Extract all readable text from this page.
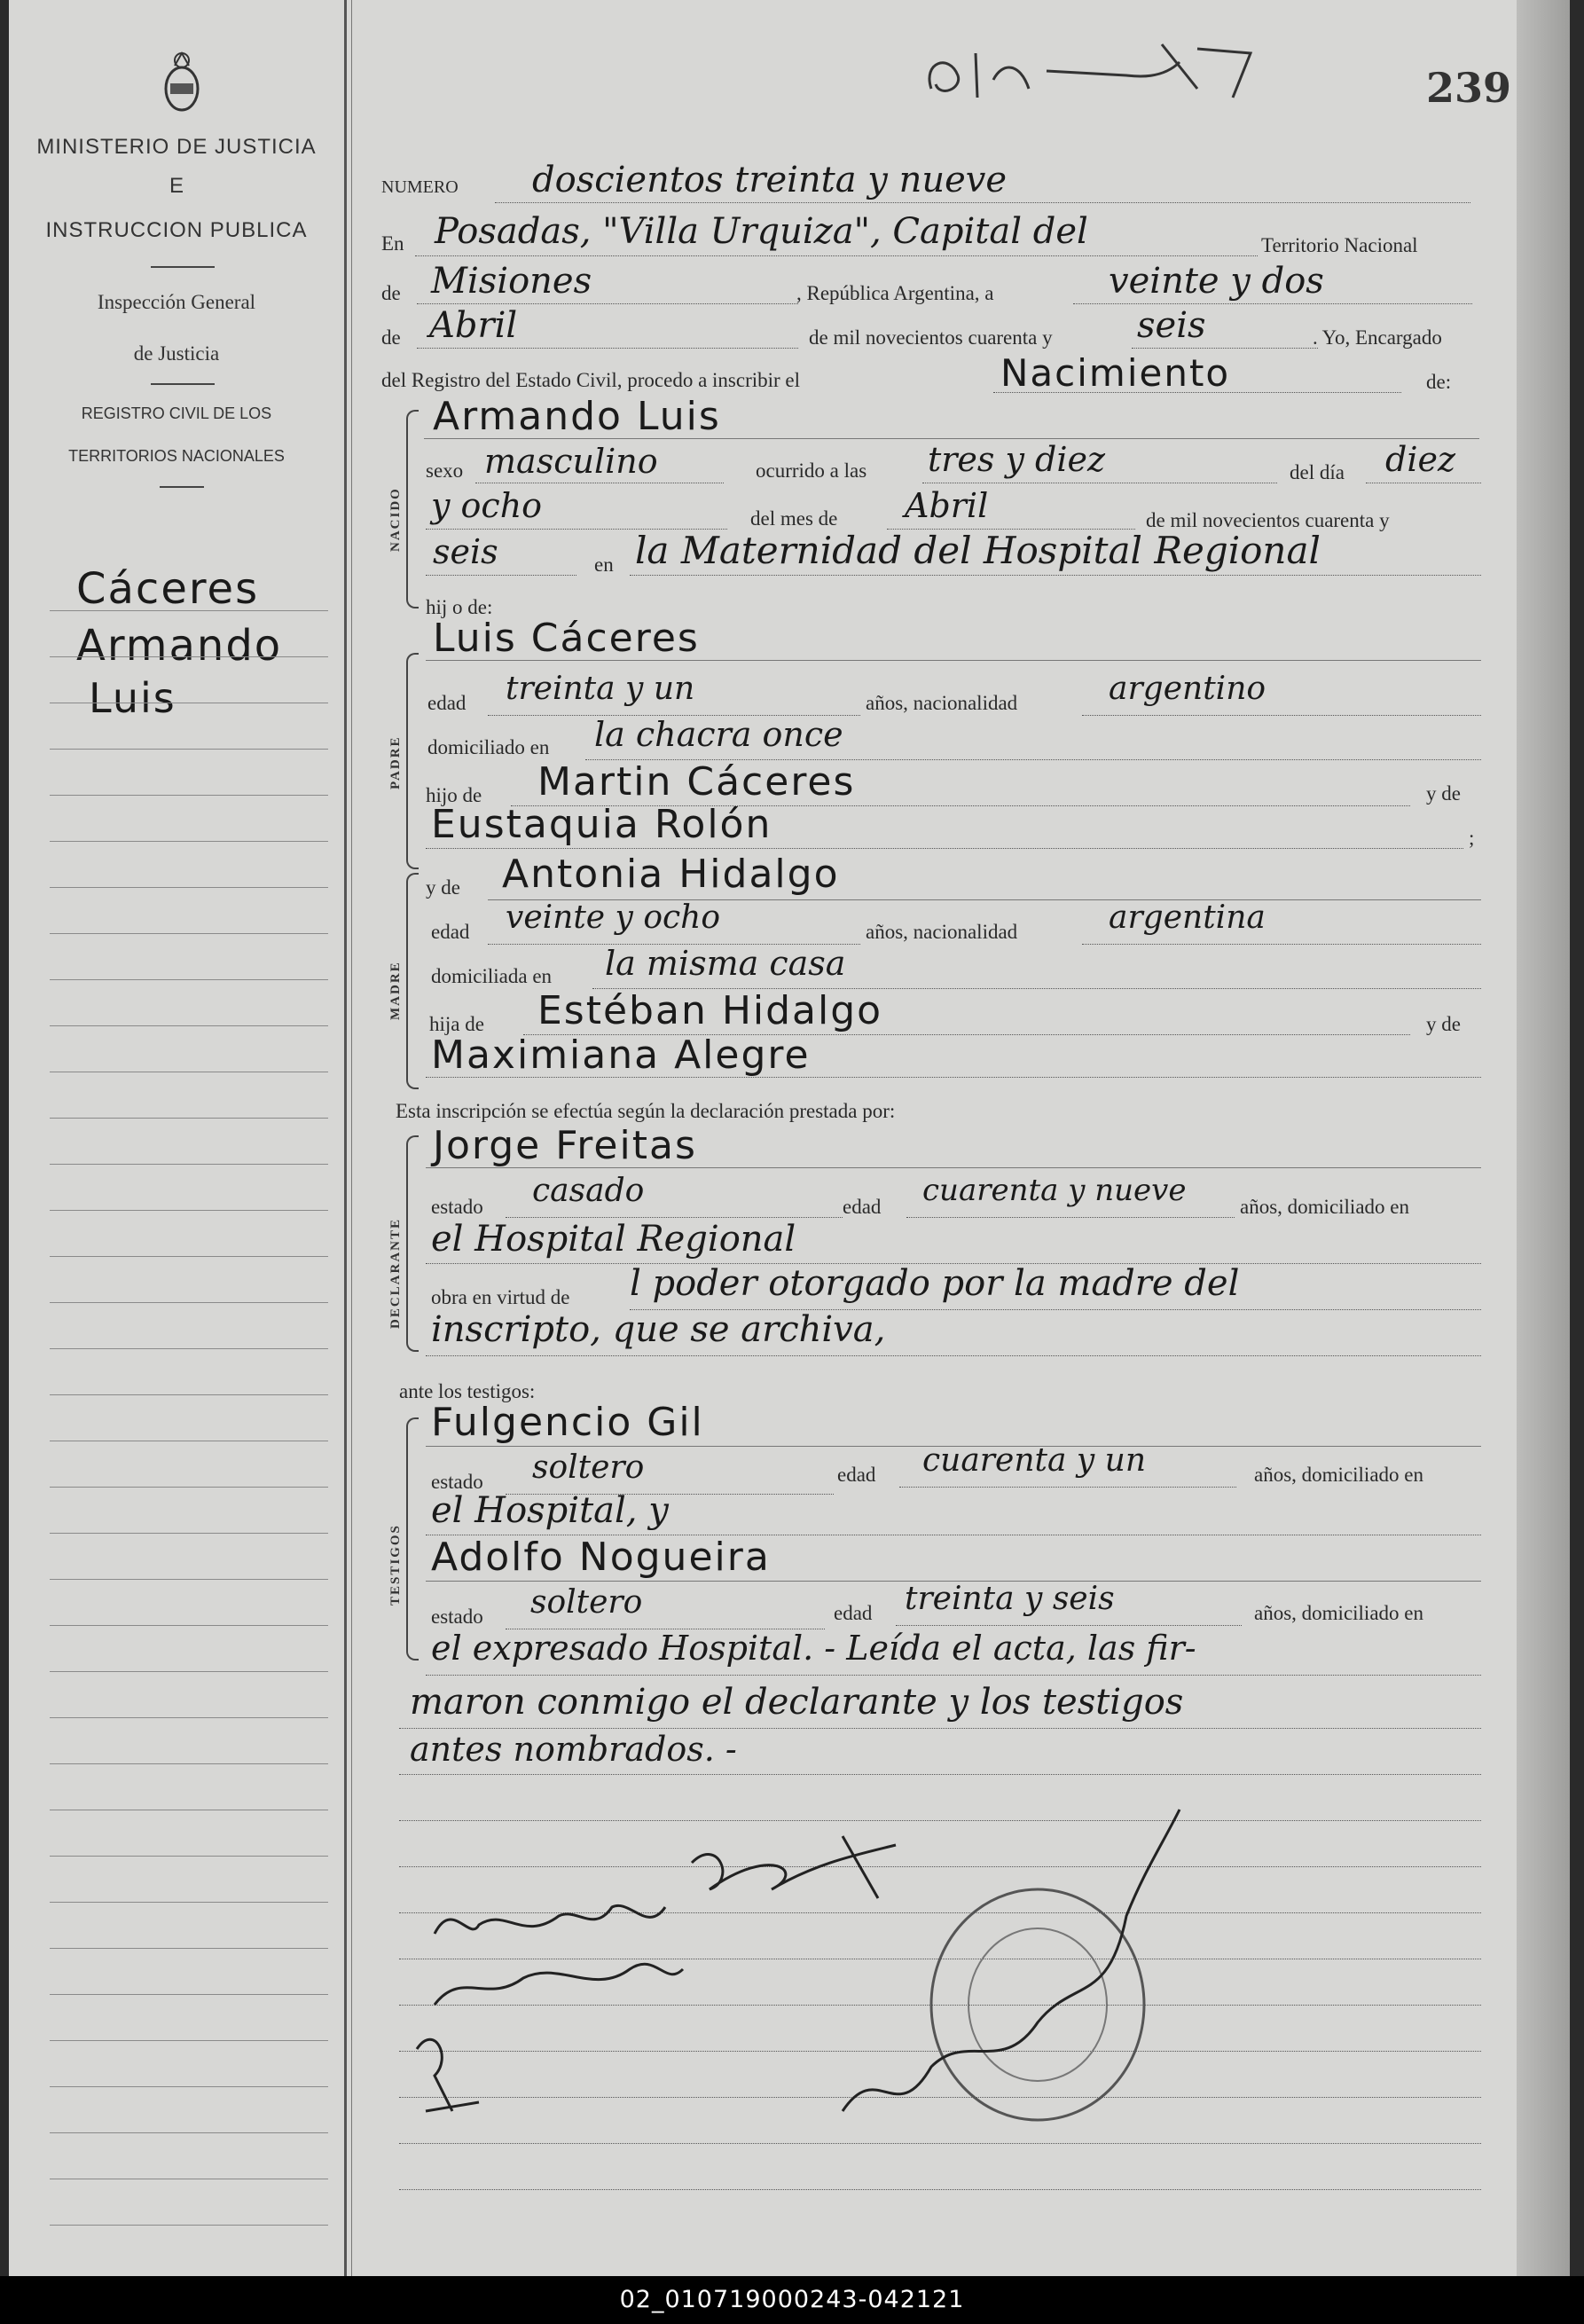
239
MINISTERIO DE JUSTICIA
E
INSTRUCCION PUBLICA
Inspección General
de Justicia
REGISTRO CIVIL DE LOS
TERRITORIOS NACIONALES
Cáceres
Armando
Luis
NACIDO
PADRE
MADRE
DECLARANTE
TESTIGOS
NUMERO doscientos treinta y nueve
En Posadas, "Villa Urquiza", Capital del	Territorio Nacional
de Misiones	, República Argentina, a	veinte y dos
de Abril	de mil novecientos cuarenta y seis	. Yo, Encargado
del Registro del Estado Civil, procedo a inscribir el	Nacimiento	de:
Armando Luis
sexo masculino	ocurrido a las tres y diez	del día diez
y ocho	del mes de Abril	de mil novecientos cuarenta y
seis	en la Maternidad del Hospital Regional
hij o de:
Luis Cáceres
edad treinta y un	años, nacionalidad	argentino
domiciliado en la chacra once
hijo de Martin Cáceres	y de
Eustaquia Rolón	;
y de Antonia Hidalgo
edad veinte y ocho	años, nacionalidad	argentina
domiciliada en la misma casa
hija de Estéban Hidalgo	y de
Maximiana Alegre
Esta inscripción se efectúa según la declaración prestada por:
Jorge Freitas
estado casado	edad cuarenta y nueve	años, domiciliado en
el Hospital Regional
obra en virtud de l poder otorgado por la madre del
inscripto, que se archiva,
ante los testigos:
Fulgencio Gil
estado soltero	edad cuarenta y un	años, domiciliado en
el Hospital, y
Adolfo Nogueira
estado soltero	edad treinta y seis	años, domiciliado en
el expresado Hospital. - Leída el acta, las fir-
maron conmigo el declarante y los testigos
antes nombrados. -
02_010719000243-042121
